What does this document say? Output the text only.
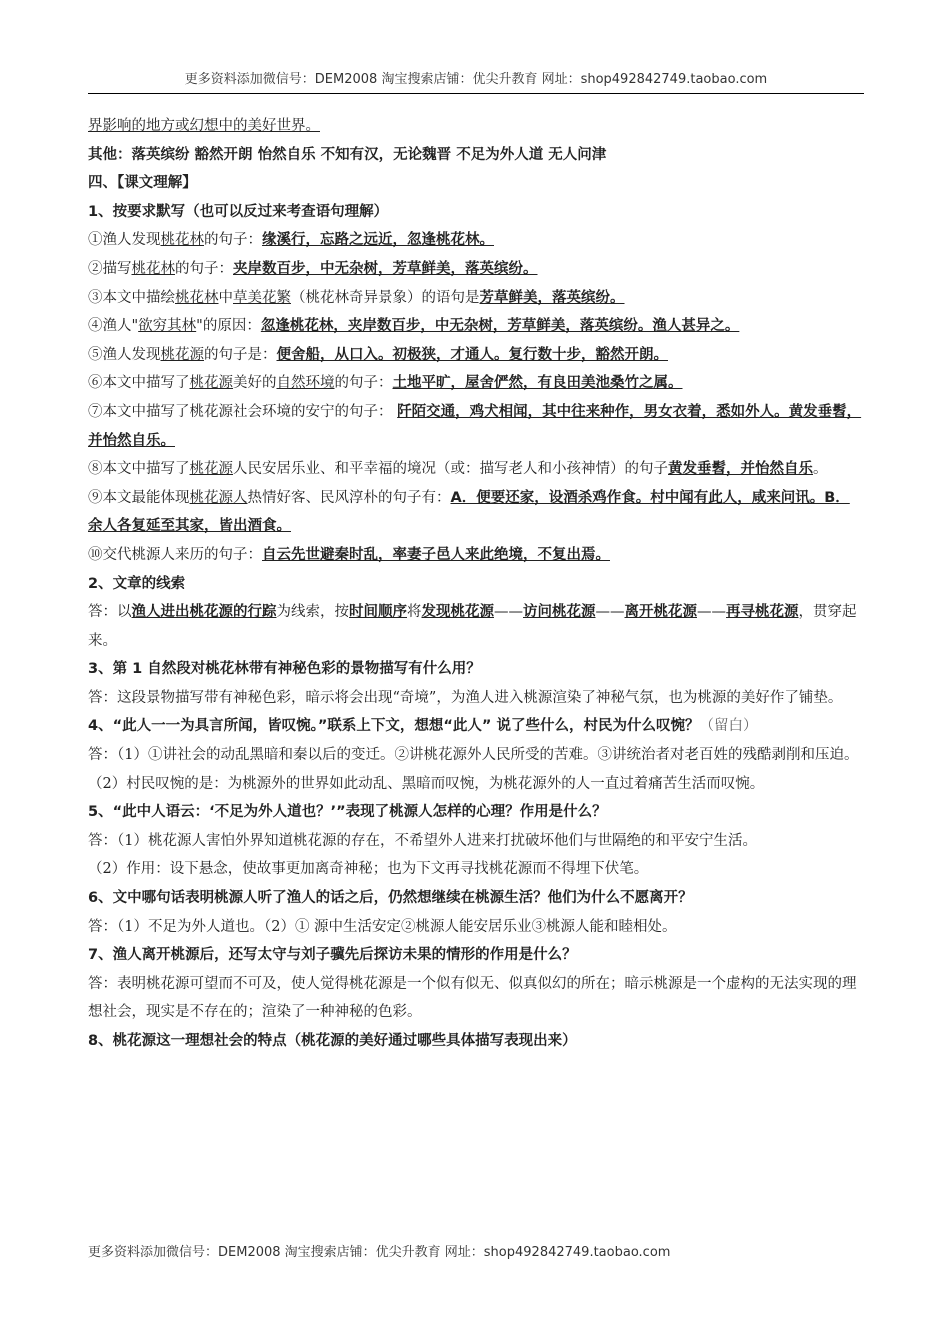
更多资料添加微信号：DEM2008 淘宝搜索店铺：优尖升教育 网址：shop492842749.taobao.com

界影响的地方或幻想中的美好世界。

其他：落英缤纷 豁然开朗 怡然自乐 不知有汉，无论魏晋 不足为外人道 无人问津

四、【课文理解】

1、按要求默写（也可以反过来考查语句理解）

①渔人发现桃花林的句子：缘溪行，忘路之远近，忽逢桃花林。

②描写桃花林的句子：夹岸数百步，中无杂树，芳草鲜美，落英缤纷。

③本文中描绘桃花林中草美花繁（桃花林奇异景象）的语句是芳草鲜美，落英缤纷。

④渔人"欲穷其林"的原因：忽逢桃花林，夹岸数百步，中无杂树，芳草鲜美，落英缤纷。渔人甚异之。

⑤渔人发现桃花源的句子是：便舍船，从口入。初极狭，才通人。复行数十步，豁然开朗。

⑥本文中描写了桃花源美好的自然环境的句子：土地平旷，屋舍俨然，有良田美池桑竹之属。

⑦本文中描写了桃花源社会环境的安宁的句子： 阡陌交通，鸡犬相闻，其中往来种作，男女衣着，悉如外人。黄发垂髫，并怡然自乐。

⑧本文中描写了桃花源人民安居乐业、和平幸福的境况（或：描写老人和小孩神情）的句子黄发垂髫，并怡然自乐。

⑨本文最能体现桃花源人热情好客、民风淳朴的句子有：A．便要还家，设酒杀鸡作食。村中闻有此人，咸来问讯。B．余人各复延至其家，皆出酒食。

⑩交代桃源人来历的句子：自云先世避秦时乱，率妻子邑人来此绝境，不复出焉。

2、文章的线索

答：以渔人进出桃花源的行踪为线索，按时间顺序将发现桃花源——访问桃花源——离开桃花源——再寻桃花源，贯穿起来。

3、第 1 自然段对桃花林带有神秘色彩的景物描写有什么用？

答：这段景物描写带有神秘色彩，暗示将会出现“奇境”，为渔人进入桃源渲染了神秘气氛，也为桃源的美好作了铺垫。

4、“此人一一为具言所闻，皆叹惋。”联系上下文，想想“此人” 说了些什么，村民为什么叹惋？（留白）

答：（1）①讲社会的动乱黑暗和秦以后的变迁。②讲桃花源外人民所受的苦难。③讲统治者对老百姓的残酷剥削和压迫。

（2）村民叹惋的是：为桃源外的世界如此动乱、黑暗而叹惋，为桃花源外的人一直过着痛苦生活而叹惋。

5、“此中人语云：‘不足为外人道也？’”表现了桃源人怎样的心理？作用是什么？

答：（1）桃花源人害怕外界知道桃花源的存在，不希望外人进来打扰破坏他们与世隔绝的和平安宁生活。

（2）作用：设下悬念，使故事更加离奇神秘；也为下文再寻找桃花源而不得埋下伏笔。

6、文中哪句话表明桃源人听了渔人的话之后，仍然想继续在桃源生活？他们为什么不愿离开？

答：（1）不足为外人道也。（2）① 源中生活安定②桃源人能安居乐业③桃源人能和睦相处。

7、渔人离开桃源后，还写太守与刘子骥先后探访未果的情形的作用是什么？

答：表明桃花源可望而不可及，使人觉得桃花源是一个似有似无、似真似幻的所在；暗示桃源是一个虚构的无法实现的理想社会，现实是不存在的；渲染了一种神秘的色彩。

8、桃花源这一理想社会的特点（桃花源的美好通过哪些具体描写表现出来）

更多资料添加微信号：DEM2008 淘宝搜索店铺：优尖升教育 网址：shop492842749.taobao.com
